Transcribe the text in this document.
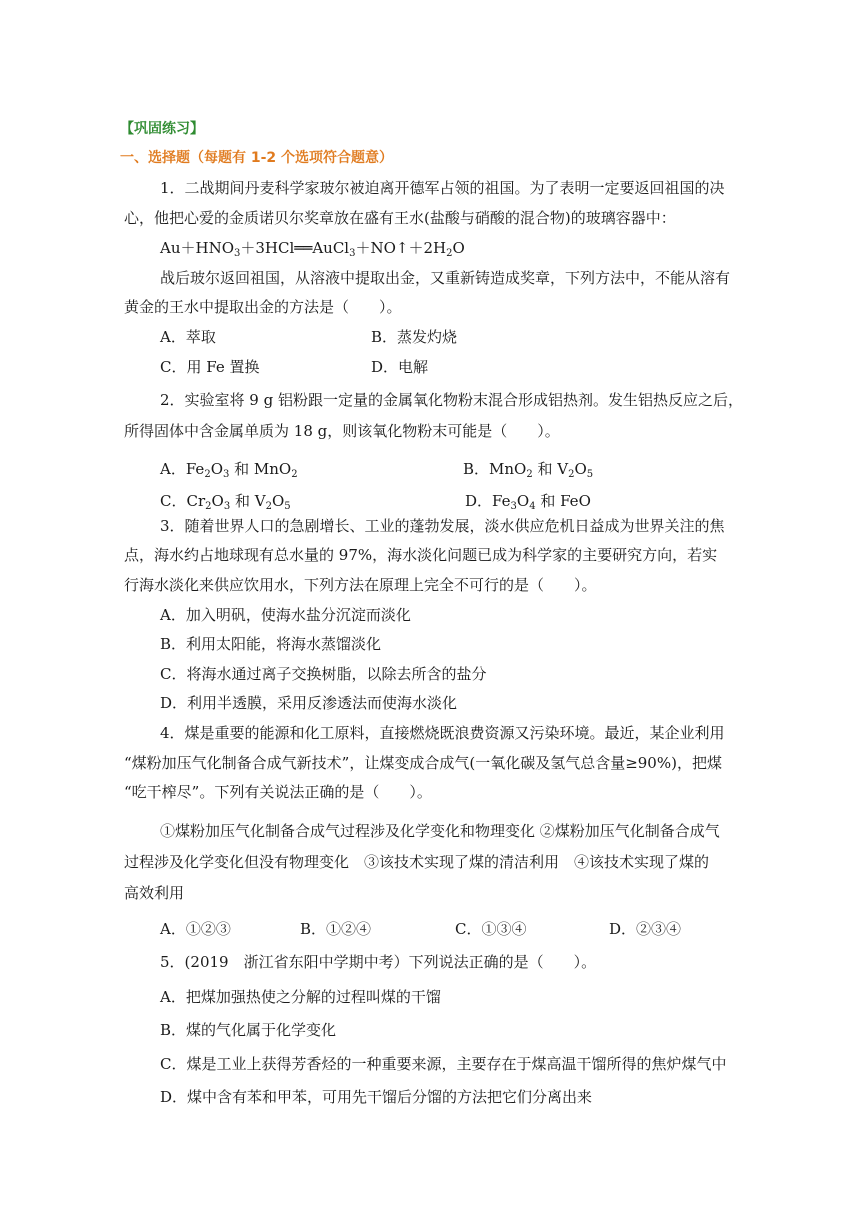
【巩固练习】
一、选择题（每题有 1-2 个选项符合题意）
1．二战期间丹麦科学家玻尔被迫离开德军占领的祖国。为了表明一定要返回祖国的决
心，他把心爱的金质诺贝尔奖章放在盛有王水(盐酸与硝酸的混合物)的玻璃容器中：
$Au+HNO_3+3HCl══AuCl_3+NO↑+2H_2O$
战后玻尔返回祖国，从溶液中提取出金，又重新铸造成奖章，下列方法中，不能从溶有
黄金的王水中提取出金的方法是（　　）。
A．萃取	B．蒸发灼烧
C．用 Fe 置换	D．电解
2．实验室将 9 g 铝粉跟一定量的金属氧化物粉末混合形成铝热剂。发生铝热反应之后，
所得固体中含金属单质为 18 g，则该氧化物粉末可能是（　　）。
A．$Fe_2O_3$ 和 MnO$_2$	B．MnO$_2$ 和 $V_2O_5$
C．$Cr_2O_3$ 和 $V_2O_5$	D．$Fe_3O_4$ 和 FeO
3．随着世界人口的急剧增长、工业的蓬勃发展，淡水供应危机日益成为世界关注的焦
点，海水约占地球现有总水量的 97%，海水淡化问题已成为科学家的主要研究方向，若实
行海水淡化来供应饮用水，下列方法在原理上完全不可行的是（　　）。
A．加入明矾，使海水盐分沉淀而淡化
B．利用太阳能，将海水蒸馏淡化
C．将海水通过离子交换树脂，以除去所含的盐分
D．利用半透膜，采用反渗透法而使海水淡化
4．煤是重要的能源和化工原料，直接燃烧既浪费资源又污染环境。最近，某企业利用
“煤粉加压气化制备合成气新技术”，让煤变成合成气(一氧化碳及氢气总含量≥90%)，把煤
“吃干榨尽”。下列有关说法正确的是（　　）。
①煤粉加压气化制备合成气过程涉及化学变化和物理变化 ②煤粉加压气化制备合成气
过程涉及化学变化但没有物理变化　③该技术实现了煤的清洁利用　④该技术实现了煤的
高效利用
A．①②③	B．①②④	C．①③④	D．②③④
5．(2019　浙江省东阳中学期中考）下列说法正确的是（　　）。
A．把煤加强热使之分解的过程叫煤的干馏
B．煤的气化属于化学变化
C．煤是工业上获得芳香烃的一种重要来源，主要存在于煤高温干馏所得的焦炉煤气中
D．煤中含有苯和甲苯，可用先干馏后分馏的方法把它们分离出来
